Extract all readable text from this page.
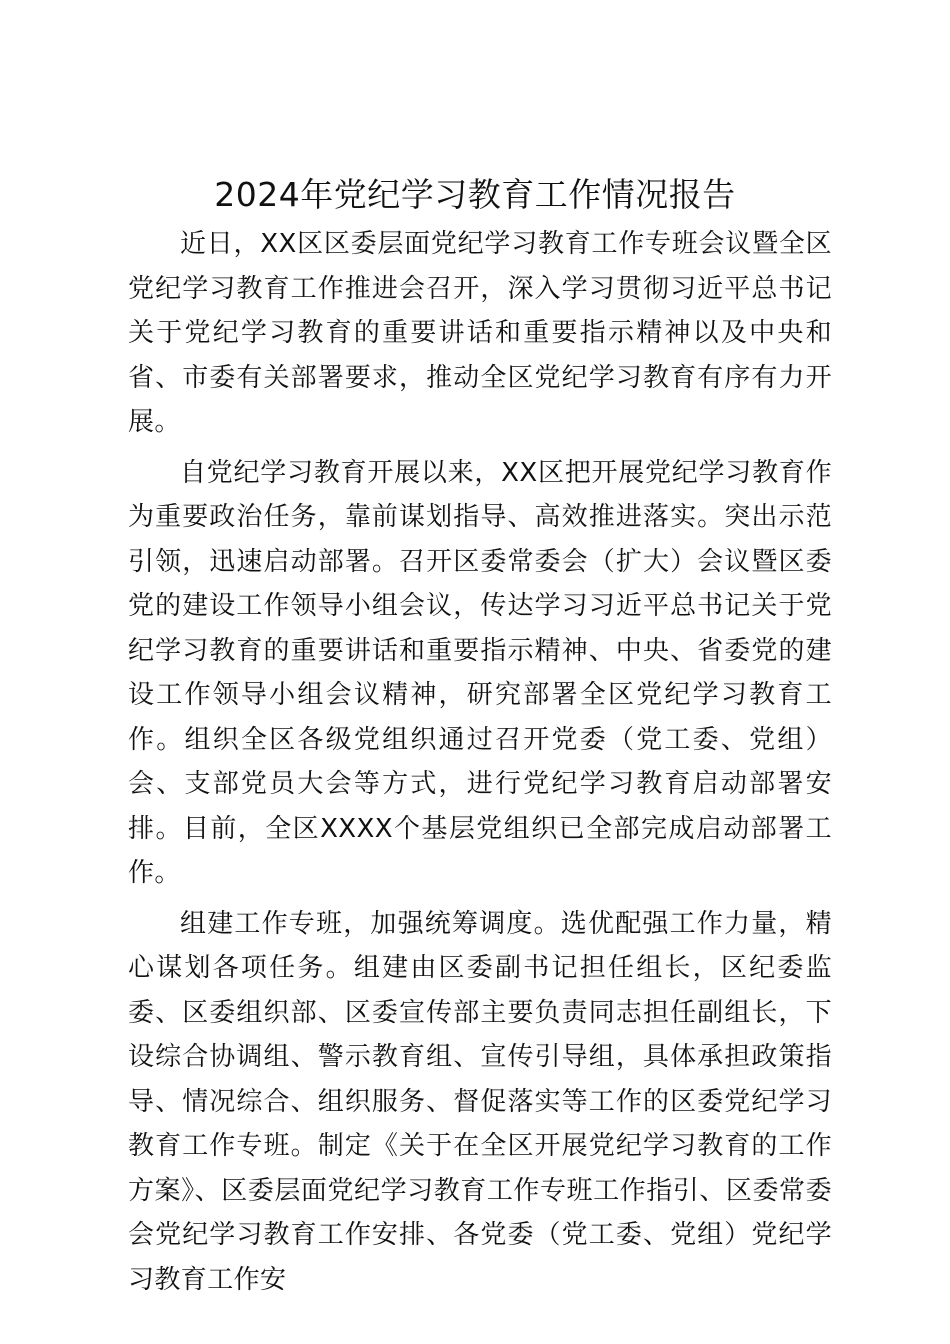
2024年党纪学习教育工作情况报告

近日，XX区区委层面党纪学习教育工作专班会议暨全区党纪学习教育工作推进会召开，深入学习贯彻习近平总书记关于党纪学习教育的重要讲话和重要指示精神以及中央和省、市委有关部署要求，推动全区党纪学习教育有序有力开展。

自党纪学习教育开展以来，XX区把开展党纪学习教育作为重要政治任务，靠前谋划指导、高效推进落实。突出示范引领，迅速启动部署。召开区委常委会（扩大）会议暨区委党的建设工作领导小组会议，传达学习习近平总书记关于党纪学习教育的重要讲话和重要指示精神、中央、省委党的建设工作领导小组会议精神，研究部署全区党纪学习教育工作。组织全区各级党组织通过召开党委（党工委、党组）会、支部党员大会等方式，进行党纪学习教育启动部署安排。目前，全区XXXX个基层党组织已全部完成启动部署工作。

组建工作专班，加强统筹调度。选优配强工作力量，精心谋划各项任务。组建由区委副书记担任组长，区纪委监委、区委组织部、区委宣传部主要负责同志担任副组长，下设综合协调组、警示教育组、宣传引导组，具体承担政策指导、情况综合、组织服务、督促落实等工作的区委党纪学习教育工作专班。制定《关于在全区开展党纪学习教育的工作方案》、区委层面党纪学习教育工作专班工作指引、区委常委会党纪学习教育工作安排、各党委（党工委、党组）党纪学习教育工作安
